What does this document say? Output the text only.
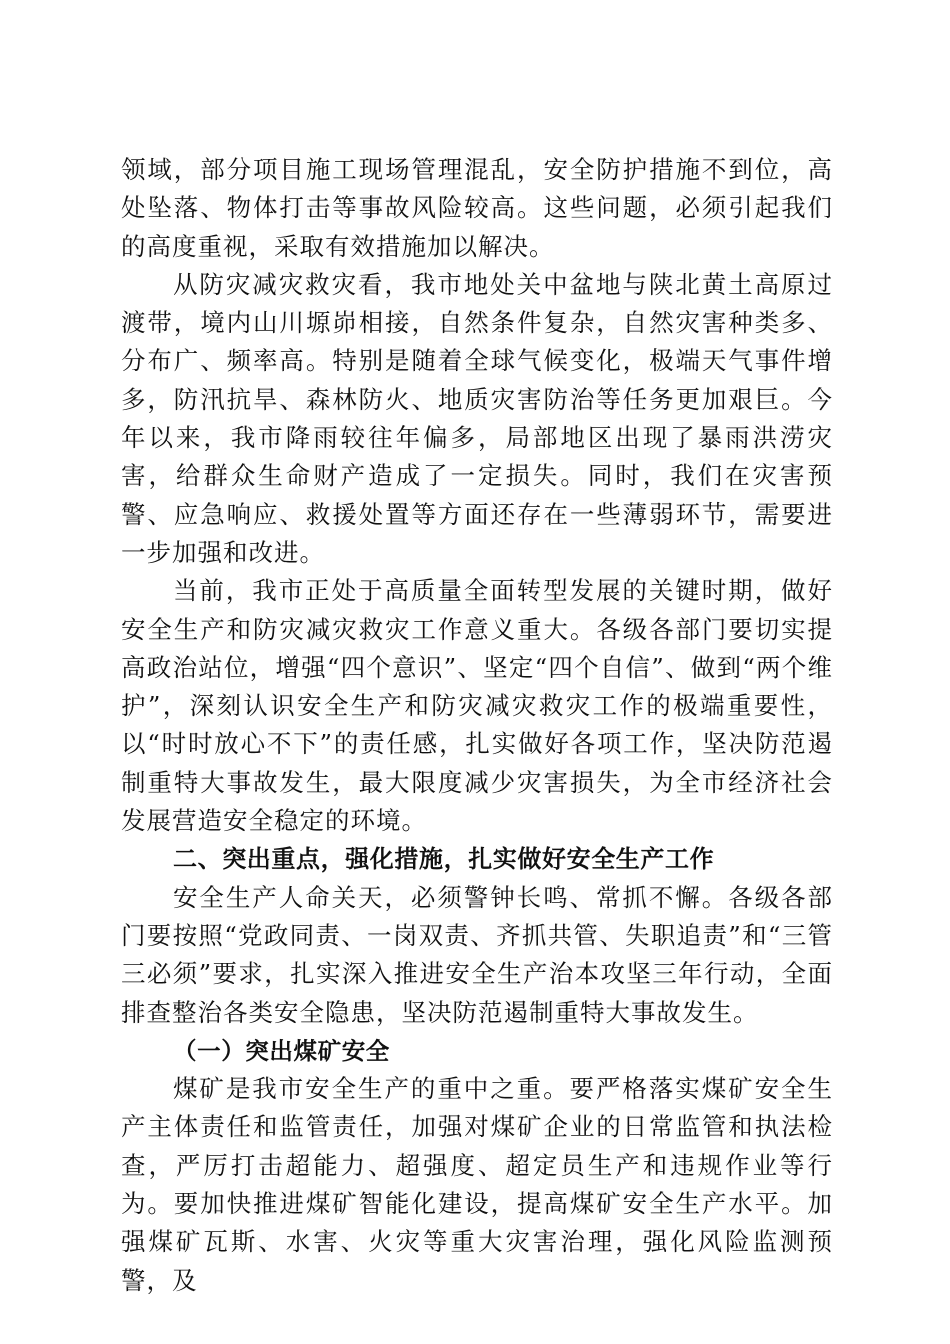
领域，部分项目施工现场管理混乱，安全防护措施不到位，高处坠落、物体打击等事故风险较高。这些问题，必须引起我们的高度重视，采取有效措施加以解决。

从防灾减灾救灾看，我市地处关中盆地与陕北黄土高原过渡带，境内山川塬峁相接，自然条件复杂，自然灾害种类多、分布广、频率高。特别是随着全球气候变化，极端天气事件增多，防汛抗旱、森林防火、地质灾害防治等任务更加艰巨。今年以来，我市降雨较往年偏多，局部地区出现了暴雨洪涝灾害，给群众生命财产造成了一定损失。同时，我们在灾害预警、应急响应、救援处置等方面还存在一些薄弱环节，需要进一步加强和改进。

当前，我市正处于高质量全面转型发展的关键时期，做好安全生产和防灾减灾救灾工作意义重大。各级各部门要切实提高政治站位，增强“四个意识”、坚定“四个自信”、做到“两个维护”，深刻认识安全生产和防灾减灾救灾工作的极端重要性，以“时时放心不下”的责任感，扎实做好各项工作，坚决防范遏制重特大事故发生，最大限度减少灾害损失，为全市经济社会发展营造安全稳定的环境。

二、突出重点，强化措施，扎实做好安全生产工作

安全生产人命关天，必须警钟长鸣、常抓不懈。各级各部门要按照“党政同责、一岗双责、齐抓共管、失职追责”和“三管三必须”要求，扎实深入推进安全生产治本攻坚三年行动，全面排查整治各类安全隐患，坚决防范遏制重特大事故发生。

（一）突出煤矿安全

煤矿是我市安全生产的重中之重。要严格落实煤矿安全生产主体责任和监管责任，加强对煤矿企业的日常监管和执法检查，严厉打击超能力、超强度、超定员生产和违规作业等行为。要加快推进煤矿智能化建设，提高煤矿安全生产水平。加强煤矿瓦斯、水害、火灾等重大灾害治理，强化风险监测预警，及
